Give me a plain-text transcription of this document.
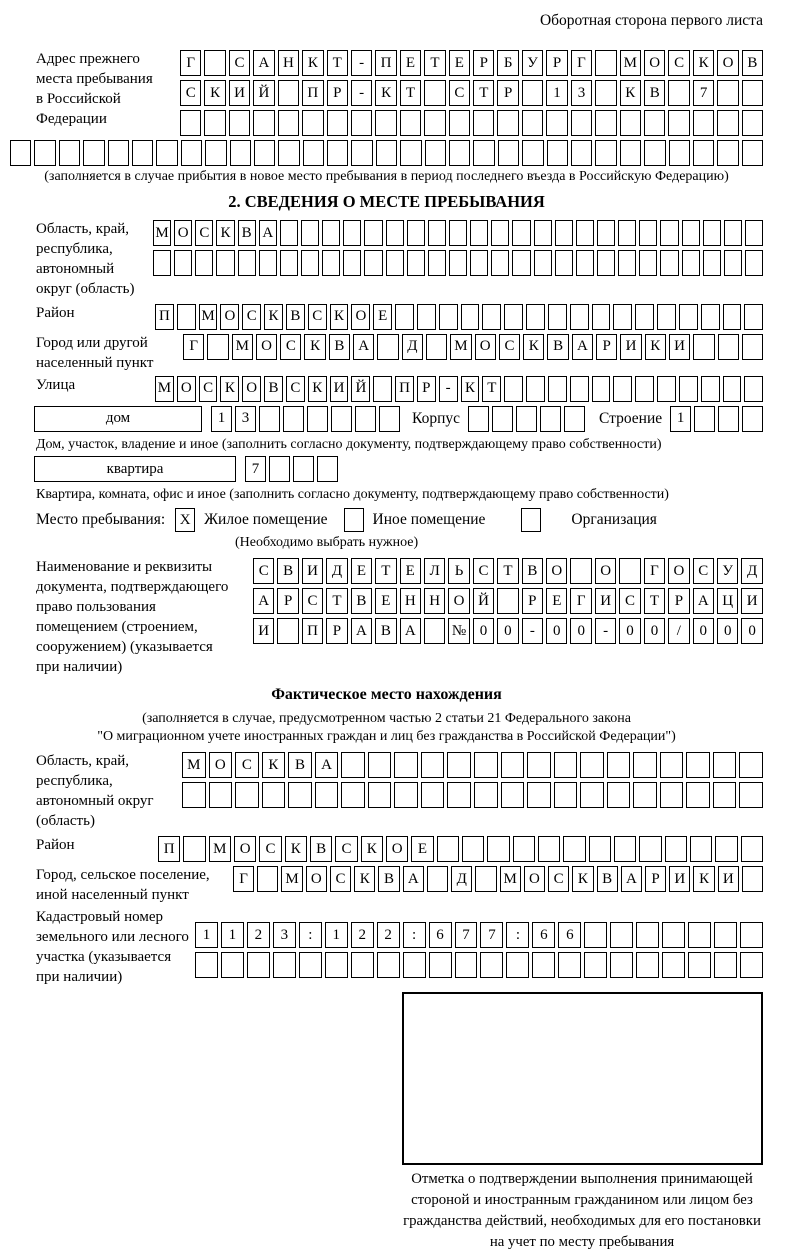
Оборотная сторона первого листа
Адрес прежнего
места пребывания
в Российской
Федерации
Г	С А Н К Т	-	П Е	Т	Е	Р	Б У Р	Г	М О С К О В
С К И Й	П Р	-	К Т	С Т	Р	1	3	К В	7
(заполняется в случае прибытия в новое место пребывания в период последнего въезда в Российскую Федерацию)
2. СВЕДЕНИЯ О МЕСТЕ ПРЕБЫВАНИЯ
Область, край,
республика,
автономный
округ (область)
М О С К В А
Район	П М О С К В С К О Е
Город или другой
населенный пункт
Г	М О С К В А	Д	М О С К В А Р И К И
Улица	М О С К О В С К И Й П Р	- К Т
дом	1	3	Корпус	Строение 1
Дом, участок, владение и иное (заполнить согласно документу, подтверждающему право собственности)
квартира	7
Квартира, комната, офис и иное (заполнить согласно документу, подтверждающему право собственности)
Место пребывания: X Жилое помещение	Иное помещение	Организация
(Необходимо выбрать нужное)
Наименование и реквизиты
документа, подтверждающего
право пользования
помещением (строением,
сооружением) (указывается
при наличии)
С В И Д Е	Т	Е Л	Ь	С Т В О	О	Г О С У Д
А Р	С Т В Е Н Н О Й	Р	Е	Г И С Т	Р А Ц И
И	П Р А В А	№ 0	0	-	0	0	-	0	0	/	0	0	0
Фактическое место нахождения
(заполняется в случае, предусмотренном частью 2 статьи 21 Федерального закона
"О миграционном учете иностранных граждан и лиц без гражданства в Российской Федерации")
Область, край,
республика,
автономный округ
(область)
М О	С	К	В	А
Район	П	М О С	К	В	С	К О	Е
Город, сельское поселение,
иной населенный пункт
Г	М О С К В А	Д	М О С К В А Р И К И
Кадастровый номер
земельного или лесного
участка (указывается
при наличии)
1	1	2	3	:	1	2	2	:	6	7	7	:	6	6
Отметка о подтверждении выполнения принимающей
стороной и иностранным гражданином или лицом без
гражданства действий, необходимых для его постановки
на учет по месту пребывания
